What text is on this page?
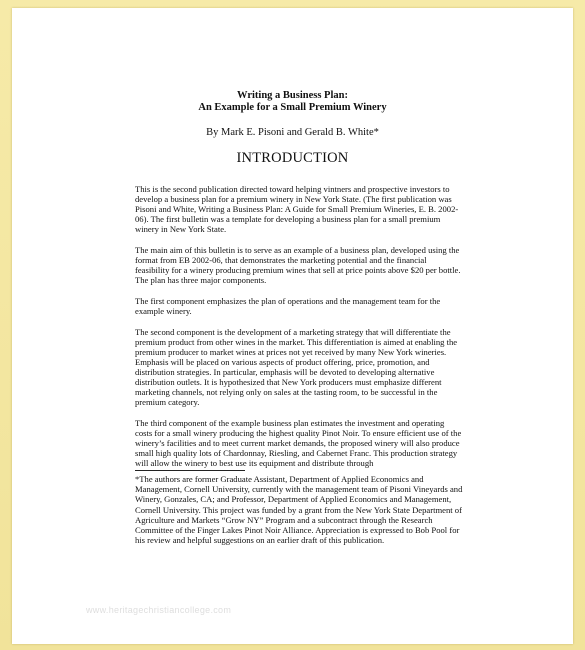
Writing a Business Plan:
An Example for a Small Premium Winery
By Mark E. Pisoni and Gerald B. White*
INTRODUCTION

This is the second publication directed toward helping vintners and prospective investors to develop a business plan for a premium winery in New York State. (The first publication was Pisoni and White, Writing a Business Plan: A Guide for Small Premium Wineries, E. B. 2002-06). The first bulletin was a template for developing a business plan for a small premium winery in New York State.

The main aim of this bulletin is to serve as an example of a business plan, developed using the format from EB 2002-06, that demonstrates the marketing potential and the financial feasibility for a winery producing premium wines that sell at price points above $20 per bottle. The plan has three major components.

The first component emphasizes the plan of operations and the management team for the example winery.

The second component is the development of a marketing strategy that will differentiate the premium product from other wines in the market. This differentiation is aimed at enabling the premium producer to market wines at prices not yet received by many New York wineries. Emphasis will be placed on various aspects of product offering, price, promotion, and distribution strategies. In particular, emphasis will be devoted to developing alternative distribution outlets. It is hypothesized that New York producers must emphasize different marketing channels, not relying only on sales at the tasting room, to be successful in the premium category.

The third component of the example business plan estimates the investment and operating costs for a small winery producing the highest quality Pinot Noir. To ensure efficient use of the winery’s facilities and to meet current market demands, the proposed winery will also produce small high quality lots of Chardonnay, Riesling, and Cabernet Franc. This production strategy will allow the winery to best use its equipment and distribute through

*The authors are former Graduate Assistant, Department of Applied Economics and Management, Cornell University, currently with the management team of Pisoni Vineyards and Winery, Gonzales, CA; and Professor, Department of Applied Economics and Management, Cornell University. This project was funded by a grant from the New York State Department of Agriculture and Markets “Grow NY” Program and a subcontract through the Research Committee of the Finger Lakes Pinot Noir Alliance. Appreciation is expressed to Bob Pool for his review and helpful suggestions on an earlier draft of this publication.

www.heritagechristiancollege.com
